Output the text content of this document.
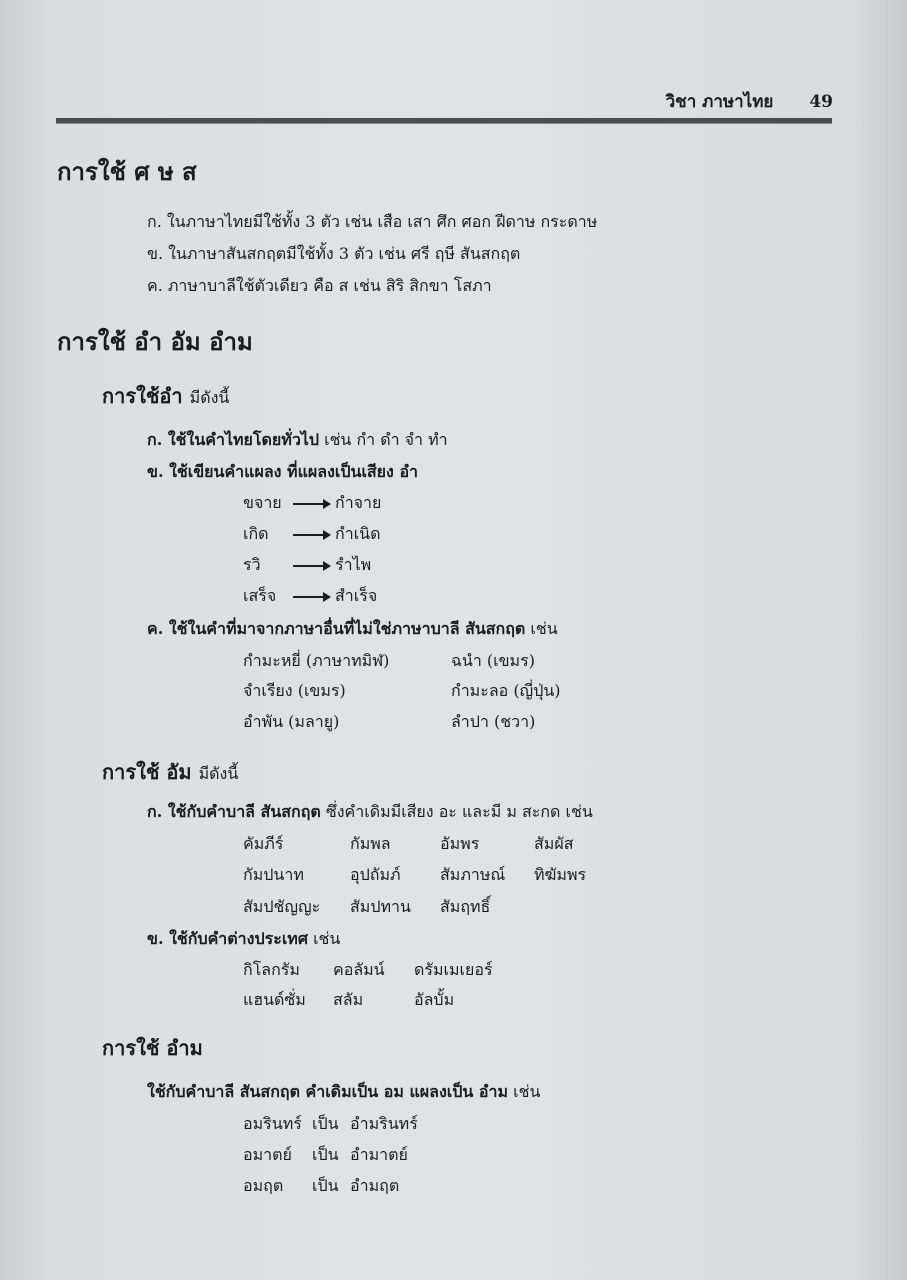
วิชา ภาษาไทย 49
การใช้ ศ ษ ส
ก. ในภาษาไทยมีใช้ทั้ง 3 ตัว เช่น เสือ เสา ศึก ศอก ฝีดาษ กระดาษ
ข. ในภาษาสันสกฤตมีใช้ทั้ง 3 ตัว เช่น ศรี ฤษี สันสกฤต
ค. ภาษาบาลีใช้ตัวเดียว คือ ส เช่น สิริ สิกขา โสภา
การใช้ อำ อัม อำม
การใช้อำ มีดังนี้
ก. ใช้ในคำไทยโดยทั่วไป เช่น กำ ดำ จำ ทำ
ข. ใช้เขียนคำแผลง ที่แผลงเป็นเสียง อำ
ขจาย	กำจาย
เกิด	กำเนิด
รวิ	รำไพ
เสร็จ	สำเร็จ
ค. ใช้ในคำที่มาจากภาษาอื่นที่ไม่ใช่ภาษาบาลี สันสกฤต เช่น
กำมะหยี่ (ภาษาทมิฬ)	ฉนำ (เขมร)
จำเรียง (เขมร)	กำมะลอ (ญี่ปุ่น)
อำพัน (มลายู)	ลำปา (ชวา)
การใช้ อัม มีดังนี้
ก. ใช้กับคำบาลี สันสกฤต ซึ่งคำเดิมมีเสียง อะ และมี ม สะกด เช่น
คัมภีร์	กัมพล	อัมพร	สัมผัส
กัมปนาท	อุปถัมภ์ สัมภาษณ์ ทิฆัมพร
สัมปชัญญะ สัมปทาน สัมฤทธิ์
ข. ใช้กับคำต่างประเทศ เช่น
กิโลกรัม คอลัมน์ ดรัมเมเยอร์
แฮนด์ซั่ม สลัม	อัลบั้ม
การใช้ อำม
ใช้กับคำบาลี สันสกฤต คำเดิมเป็น อม แผลงเป็น อำม เช่น
อมรินทร์ เป็น อำมรินทร์
อมาตย์ เป็น อำมาตย์
อมฤต เป็น อำมฤต
